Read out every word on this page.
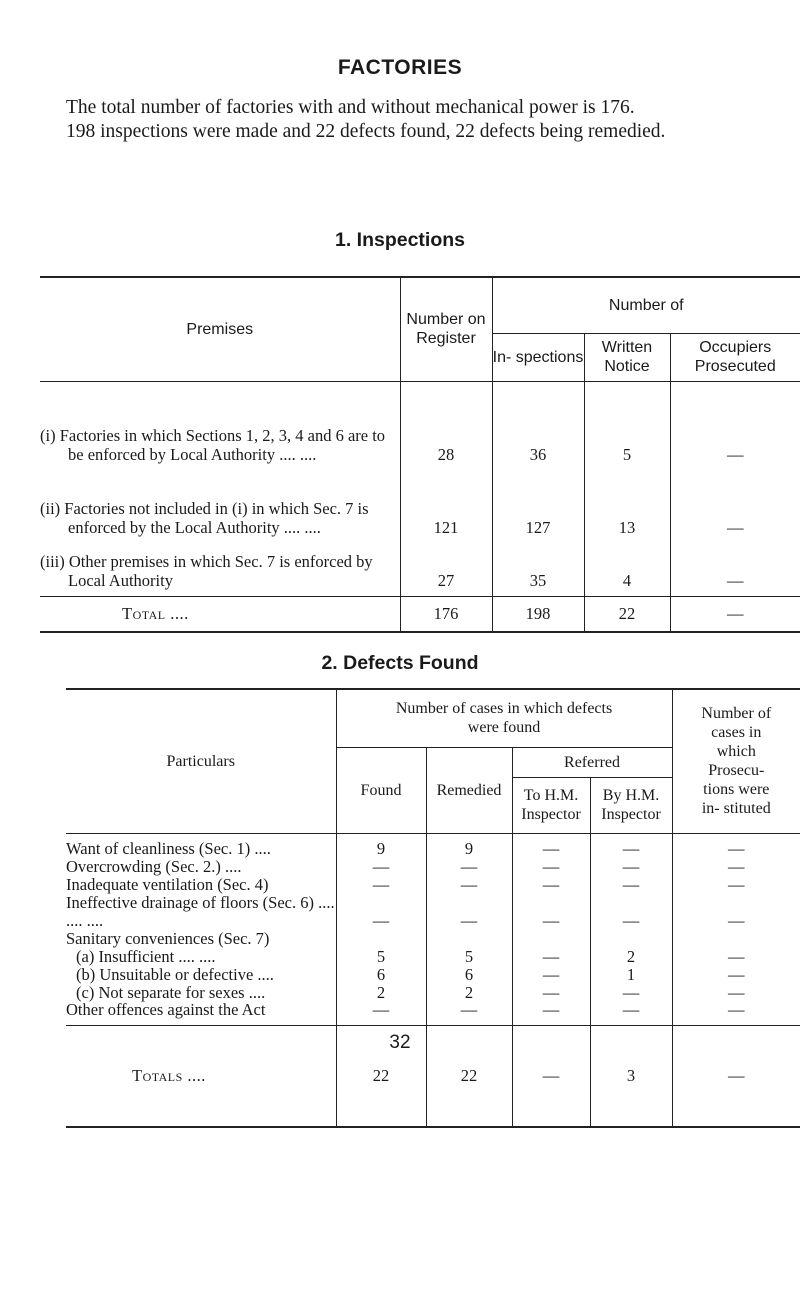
FACTORIES
The total number of factories with and without mechanical power is 176.
198 inspections were made and 22 defects found, 22 defects being remedied.
1. Inspections
Premises	Number on Register	Number of		
		In- spections	Written Notice	Occupiers Prosecuted
(i) Factories in which Sections 1, 2, 3, 4 and 6 are to be enforced by Local Authority .... ....	28	36	5	—
(ii) Factories not included in (i) in which Sec. 7 is enforced by the Local Authority .... ....	121	127	13	—
(iii) Other premises in which Sec. 7 is enforced by Local Authority	27	35	4	—
Total ....	176	198	22	—
2. Defects Found
Particulars	Number of cases in which defects were found				Number of cases in which Prosecu- tions were in- stituted
	Found	Remedied	Referred		
			To H.M. Inspector	By H.M. Inspector	
Want of cleanliness (Sec. 1) ....	9	9	—	—	—
Overcrowding (Sec. 2.) ....	—	—	—	—	—
Inadequate ventilation (Sec. 4)	—	—	—	—	—
Ineffective drainage of floors (Sec. 6) .... .... ....	—	—	—	—	—
Sanitary conveniences (Sec. 7)					
(a) Insufficient .... ....	5	5	—	2	—
(b) Unsuitable or defective ....	6	6	—	1	—
(c) Not separate for sexes ....	2	2	—	—	—
Other offences against the Act	—	—	—	—	—
Totals ....	22	22	—	3	—
32
